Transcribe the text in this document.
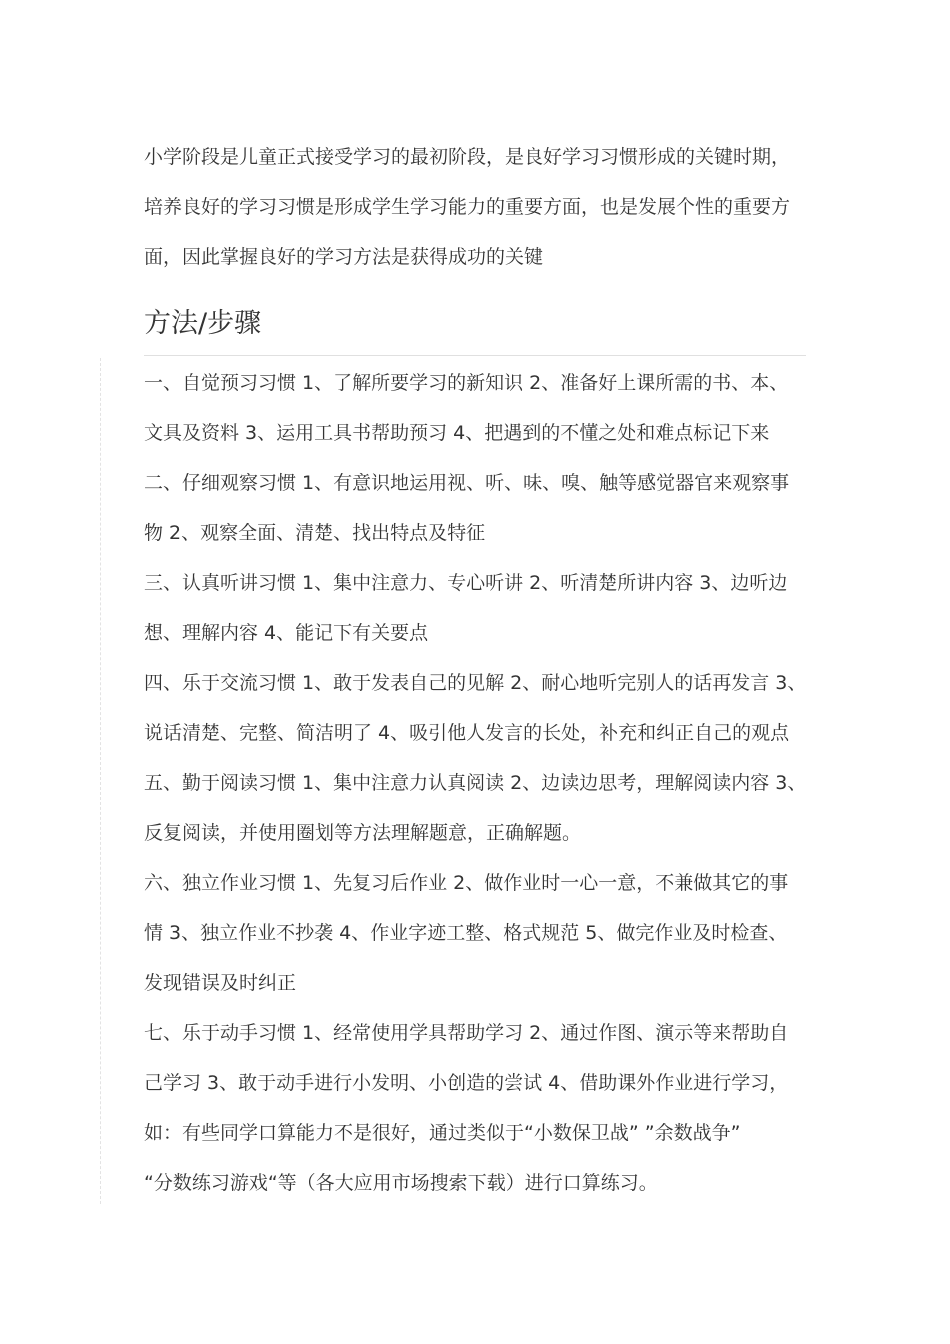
小学阶段是儿童正式接受学习的最初阶段，是良好学习习惯形成的关键时期，
培养良好的学习习惯是形成学生学习能力的重要方面，也是发展个性的重要方
面，因此掌握良好的学习方法是获得成功的关键

方法/步骤
一、自觉预习习惯 1、了解所要学习的新知识 2、准备好上课所需的书、本、
文具及资料 3、运用工具书帮助预习 4、把遇到的不懂之处和难点标记下来
二、仔细观察习惯 1、有意识地运用视、听、味、嗅、触等感觉器官来观察事
物 2、观察全面、清楚、找出特点及特征
三、认真听讲习惯 1、集中注意力、专心听讲 2、听清楚所讲内容 3、边听边
想、理解内容 4、能记下有关要点
四、乐于交流习惯 1、敢于发表自己的见解 2、耐心地听完别人的话再发言 3、
说话清楚、完整、简洁明了 4、吸引他人发言的长处，补充和纠正自己的观点
五、勤于阅读习惯 1、集中注意力认真阅读 2、边读边思考，理解阅读内容 3、
反复阅读，并使用圈划等方法理解题意，正确解题。
六、独立作业习惯 1、先复习后作业 2、做作业时一心一意，不兼做其它的事
情 3、独立作业不抄袭 4、作业字迹工整、格式规范 5、做完作业及时检查、
发现错误及时纠正
七、乐于动手习惯 1、经常使用学具帮助学习 2、通过作图、演示等来帮助自
己学习 3、敢于动手进行小发明、小创造的尝试 4、借助课外作业进行学习，
如：有些同学口算能力不是很好，通过类似于“小数保卫战” ”余数战争”
“分数练习游戏“等（各大应用市场搜索下载）进行口算练习。
